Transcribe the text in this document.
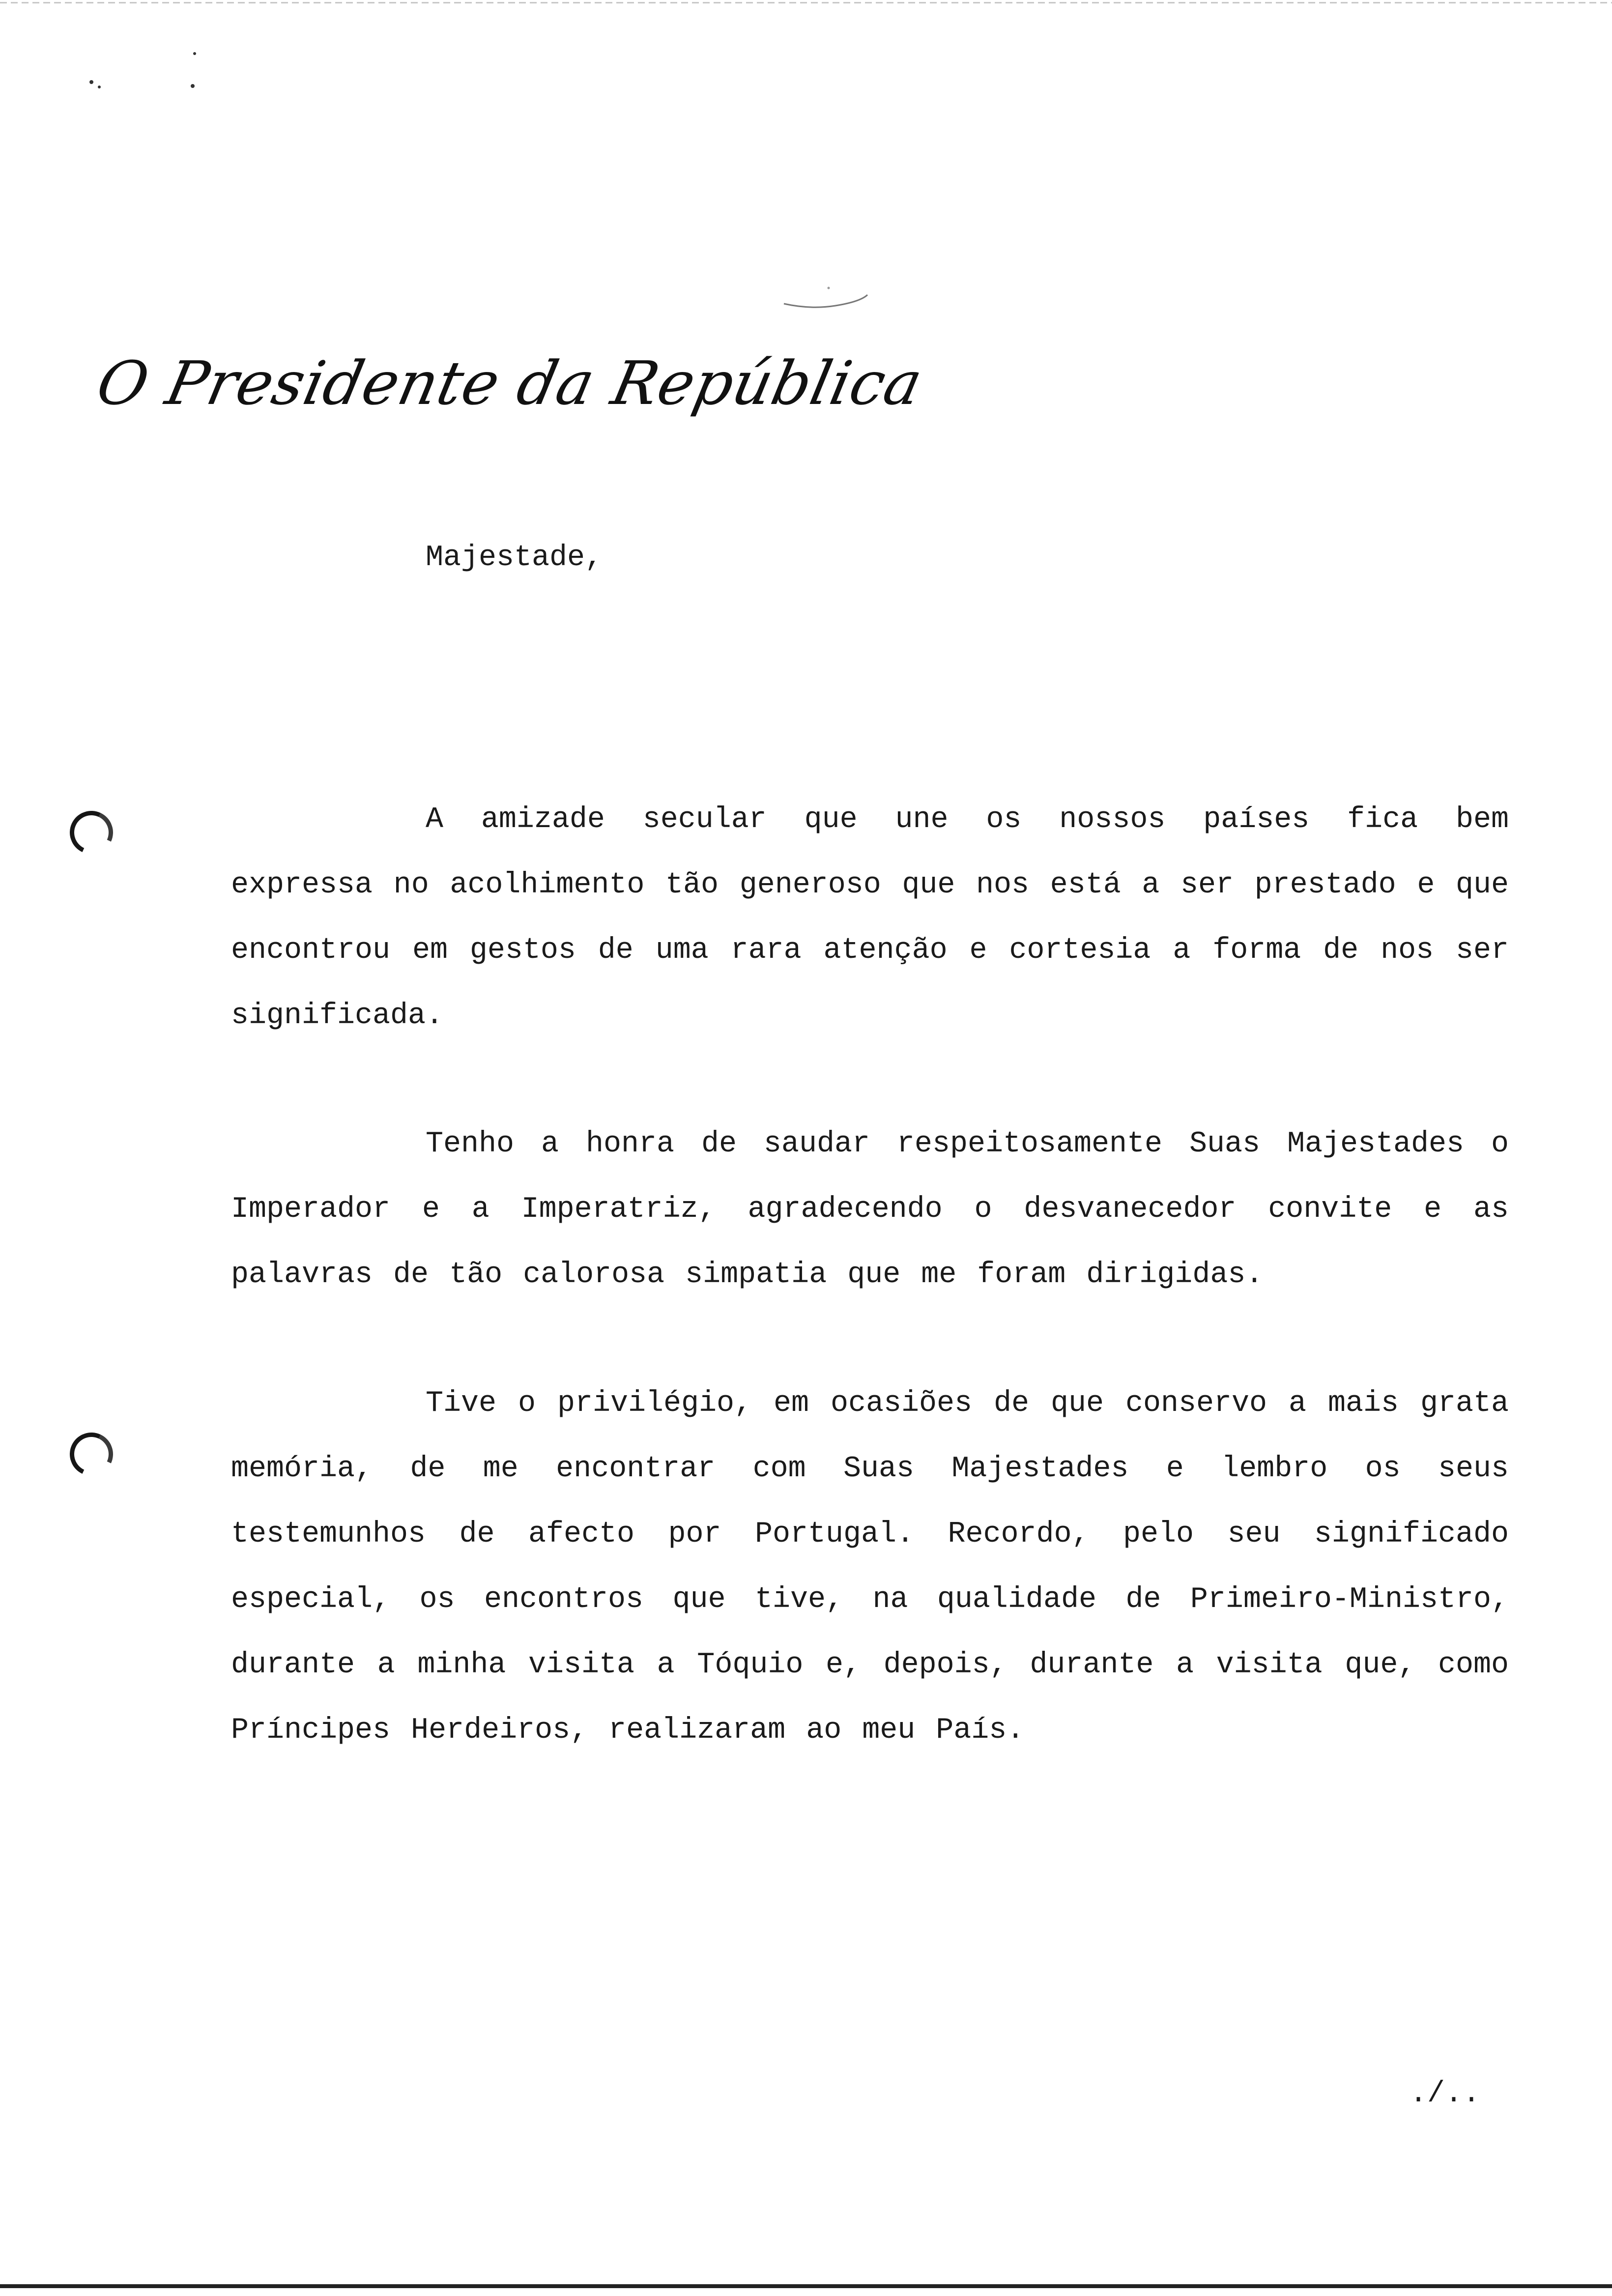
O Presidente da República
Majestade,

A amizade secular que une os nossos países fica bem expressa no acolhimento tão generoso que nos está a ser prestado e que encontrou em gestos de uma rara atenção e cortesia a forma de nos ser significada.

Tenho a honra de saudar respeitosamente Suas Majestades o Imperador e a Imperatriz, agradecendo o desvanecedor convite e as palavras de tão calorosa simpatia que me foram dirigidas.

Tive o privilégio, em ocasiões de que conservo a mais grata memória, de me encontrar com Suas Majestades e lembro os seus testemunhos de afecto por Portugal. Recordo, pelo seu significado especial, os encontros que tive, na qualidade de Primeiro-Ministro, durante a minha visita a Tóquio e, depois, durante a visita que, como Príncipes Herdeiros, realizaram ao meu País.

./..
